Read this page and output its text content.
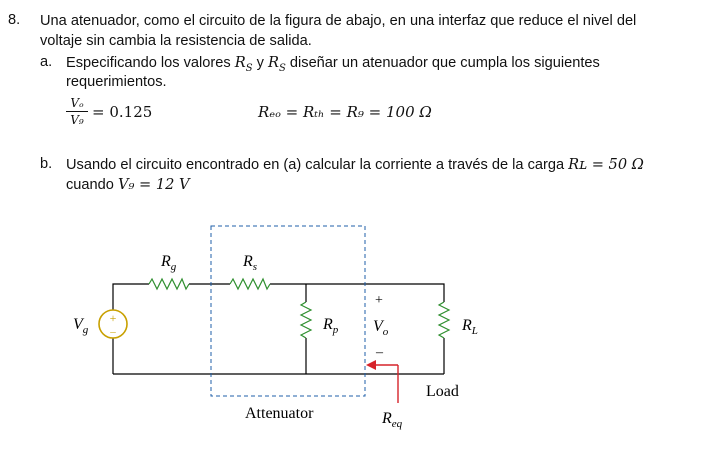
8. Una atenuador, como el circuito de la figura de abajo, en una interfaz que reduce el nivel del
voltaje sin cambia la resistencia de salida.
a. Especificando los valores $R_S$ y $R_S$ diseñar un atenuador que cumpla los siguientes
requerimientos.
$\frac{\text{Vₒ}}{\text{V₉}} = 0.125$	Rₑₒ = Rₜₕ = R₉ = 100 Ω
b. Usando el circuito encontrado en (a) calcular la corriente a través de la carga Rʟ = 50 Ω
cuando V₉ = 12 V
+
–
$R_g$	$R_s$
$R_p$
$V_g$	$V_o$
+
–
$R_L$
Load
Attenuator	$R_{eq}$
